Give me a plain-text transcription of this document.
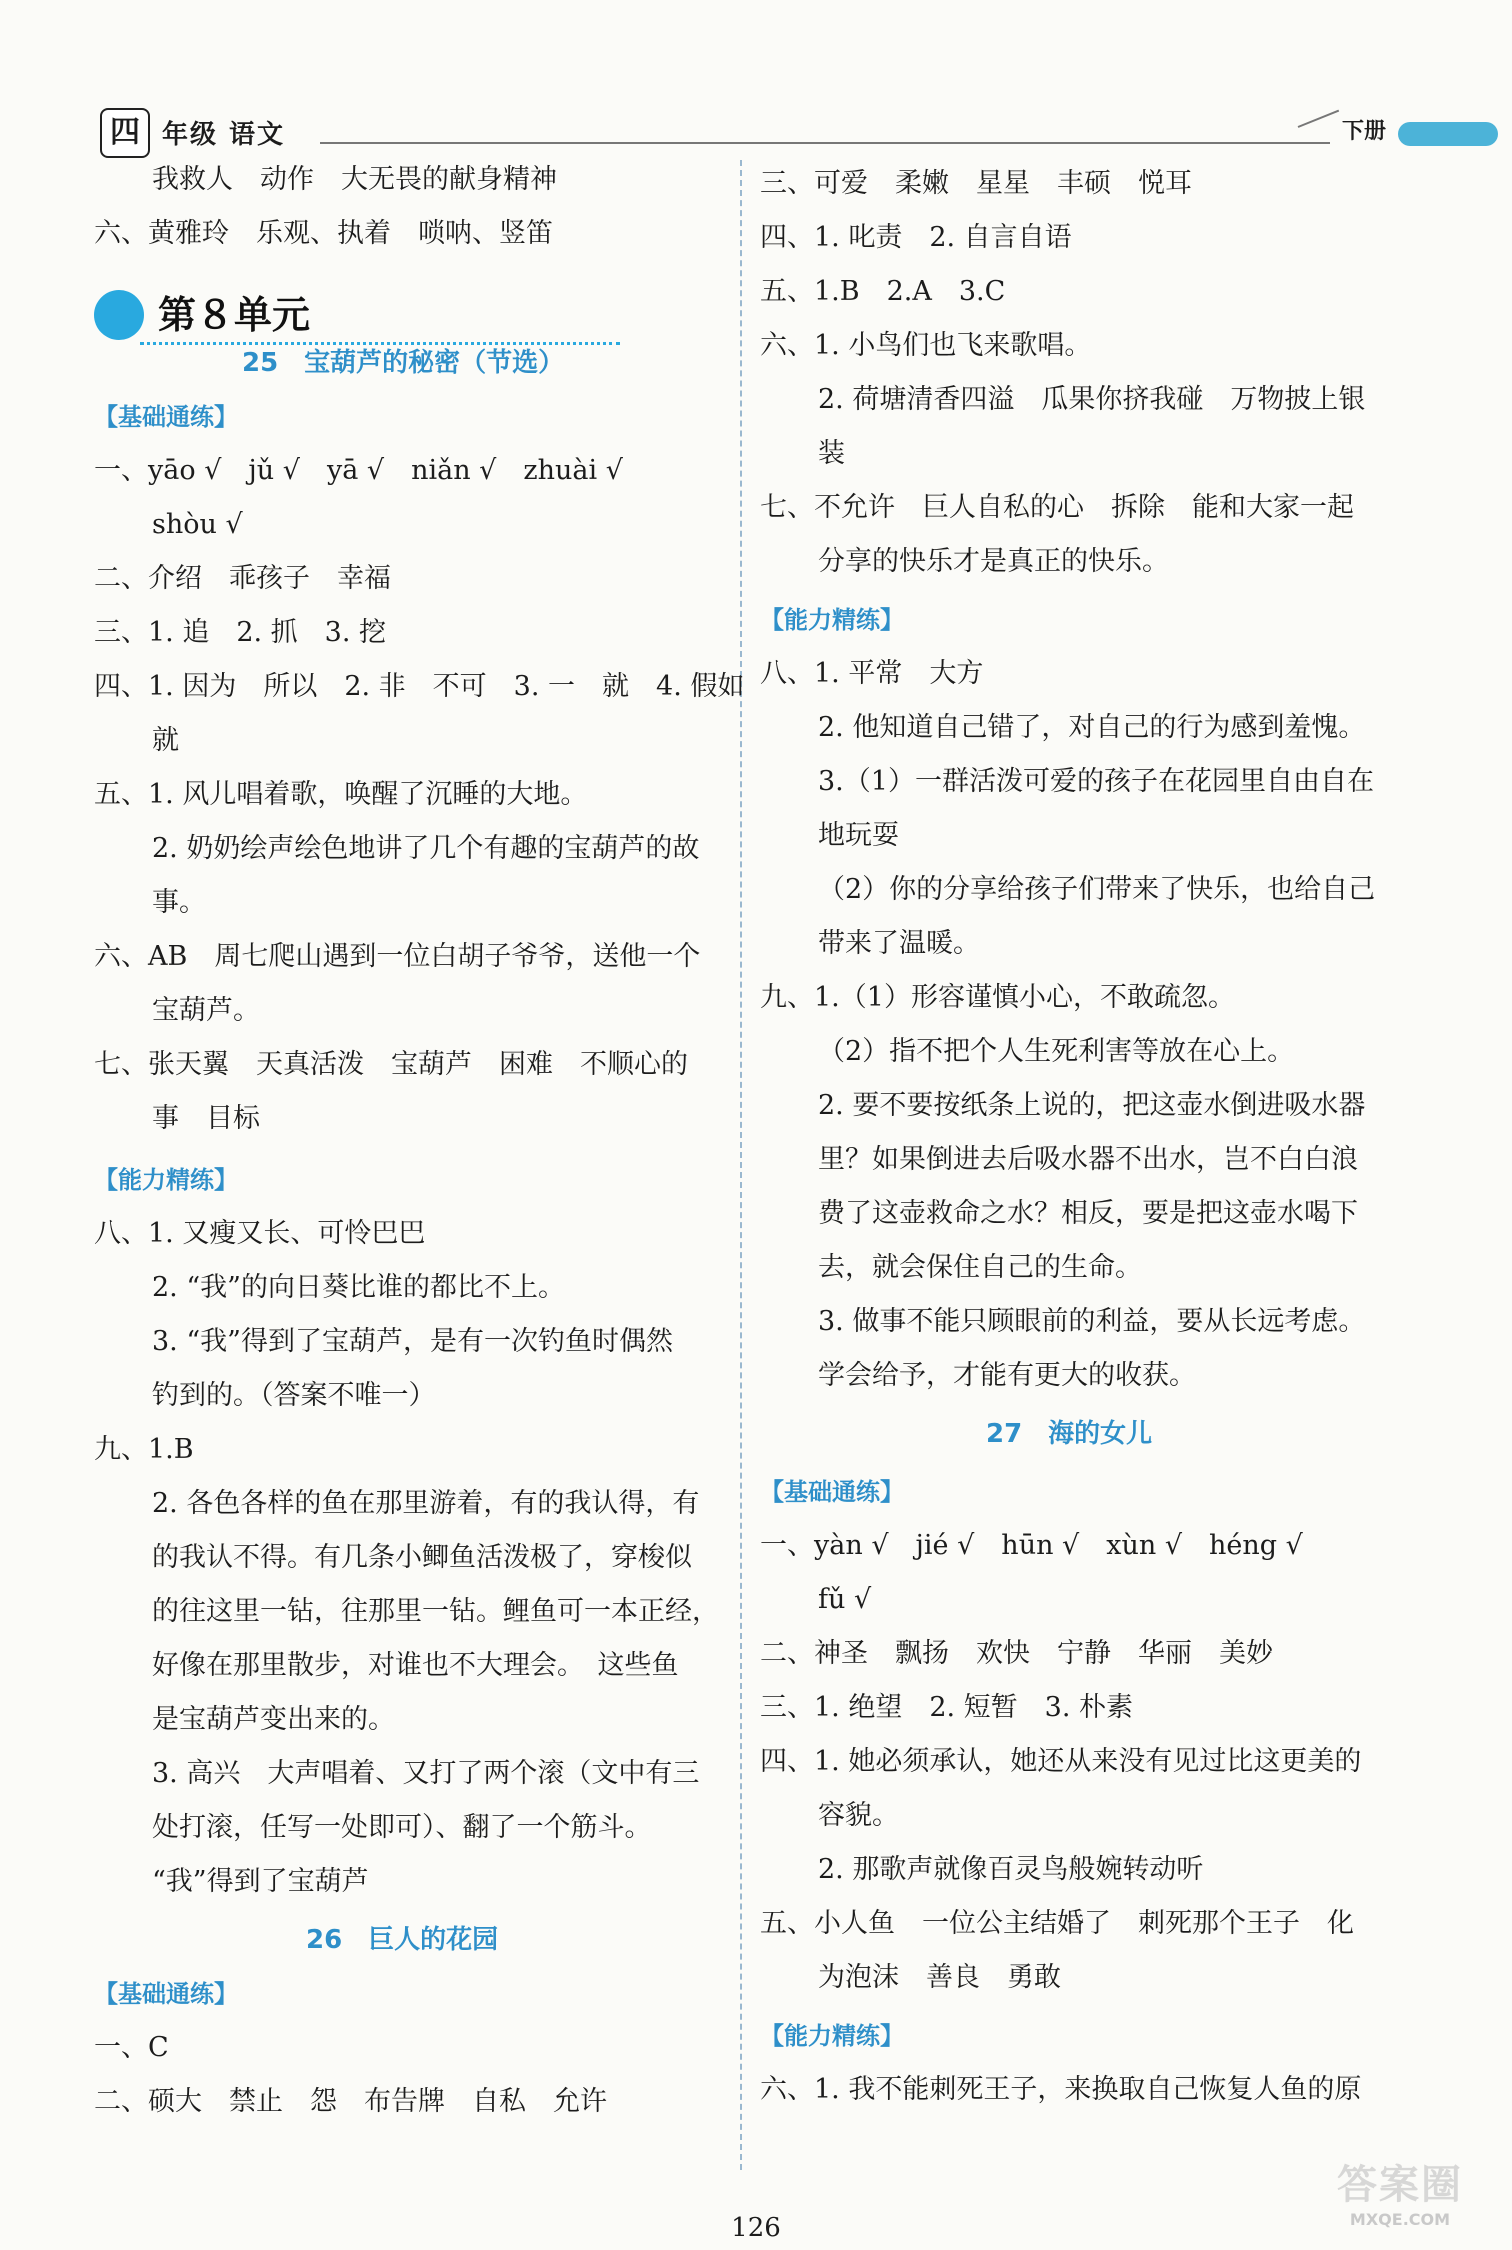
四 年级 语文	下册
我救人　动作　大无畏的献身精神
六、黄雅玲　乐观、执着　唢呐、竖笛
第８单元
25　宝葫芦的秘密（节选）
【基础通练】
一、yāo √　jǔ √　yā √　niǎn √　zhuài √
shòu √
二、介绍　乖孩子　幸福
三、1. 追　2. 抓　3. 挖
四、1. 因为　所以　2. 非　不可　3. 一　就　4. 假如
就
五、1. 风儿唱着歌，唤醒了沉睡的大地。
2. 奶奶绘声绘色地讲了几个有趣的宝葫芦的故
事。
六、AB　周七爬山遇到一位白胡子爷爷，送他一个
宝葫芦。
七、张天翼　天真活泼　宝葫芦　困难　不顺心的
事　目标
【能力精练】
八、1. 又瘦又长、可怜巴巴
2. “我”的向日葵比谁的都比不上。
3. “我”得到了宝葫芦，是有一次钓鱼时偶然
钓到的。（答案不唯一）
九、1.B
2. 各色各样的鱼在那里游着，有的我认得，有
的我认不得。有几条小鲫鱼活泼极了，穿梭似
的往这里一钻，往那里一钻。鲤鱼可一本正经，
好像在那里散步，对谁也不大理会。　这些鱼
是宝葫芦变出来的。
3. 高兴　大声唱着、又打了两个滚（文中有三
处打滚，任写一处即可）、翻了一个筋斗。
“我”得到了宝葫芦
26　巨人的花园
【基础通练】
一、C
二、硕大　禁止　怨　布告牌　自私　允许
三、可爱　柔嫩　星星　丰硕　悦耳
四、1. 叱责　2. 自言自语
五、1.B　2.A　3.C
六、1. 小鸟们也飞来歌唱。
2. 荷塘清香四溢　瓜果你挤我碰　万物披上银
装
七、不允许　巨人自私的心　拆除　能和大家一起
分享的快乐才是真正的快乐。
【能力精练】
八、1. 平常　大方
2. 他知道自己错了，对自己的行为感到羞愧。
3.（1）一群活泼可爱的孩子在花园里自由自在
地玩耍
（2）你的分享给孩子们带来了快乐，也给自己
带来了温暖。
九、1.（1）形容谨慎小心，不敢疏忽。
（2）指不把个人生死利害等放在心上。
2. 要不要按纸条上说的，把这壶水倒进吸水器
里？如果倒进去后吸水器不出水，岂不白白浪
费了这壶救命之水？相反，要是把这壶水喝下
去，就会保住自己的生命。
3. 做事不能只顾眼前的利益，要从长远考虑。
学会给予，才能有更大的收获。
27　海的女儿
【基础通练】
一、yàn √　jié √　hūn √　xùn √　héng √
fǔ √
二、神圣　飘扬　欢快　宁静　华丽　美妙
三、1. 绝望　2. 短暂　3. 朴素
四、1. 她必须承认，她还从来没有见过比这更美的
容貌。
2. 那歌声就像百灵鸟般婉转动听
五、小人鱼　一位公主结婚了　刺死那个王子　化
为泡沫　善良　勇敢
【能力精练】
六、1. 我不能刺死王子，来换取自己恢复人鱼的原
126
答案圈
MXQE.COM
